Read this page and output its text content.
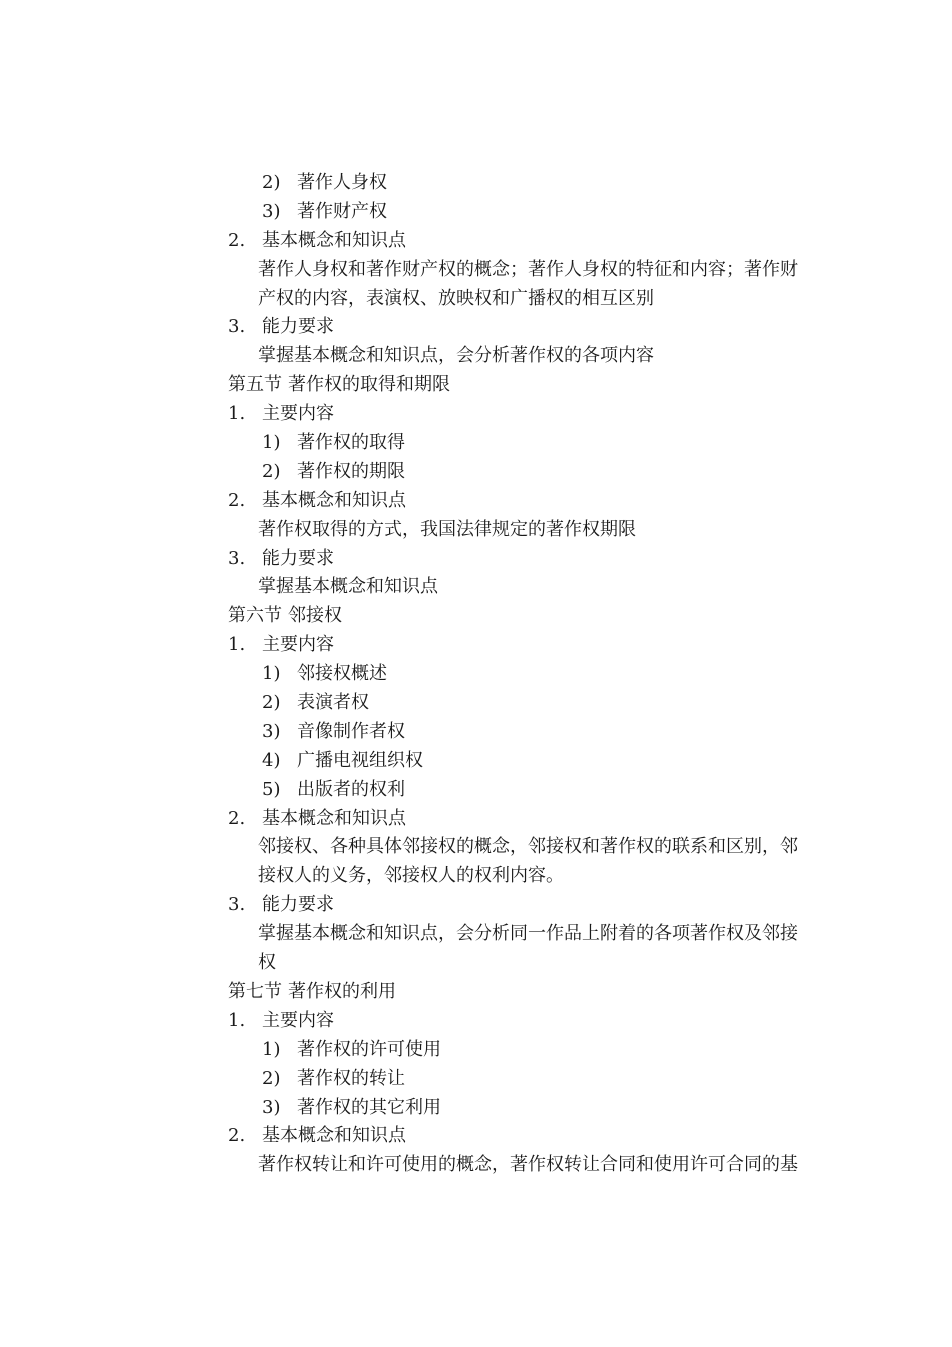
2) 著作人身权
3) 著作财产权
2. 基本概念和知识点
著作人身权和著作财产权的概念；著作人身权的特征和内容；著作财
产权的内容，表演权、放映权和广播权的相互区别
3. 能力要求
掌握基本概念和知识点，会分析著作权的各项内容
第五节 著作权的取得和期限
1. 主要内容
1) 著作权的取得
2) 著作权的期限
2. 基本概念和知识点
著作权取得的方式，我国法律规定的著作权期限
3. 能力要求
掌握基本概念和知识点
第六节 邻接权
1. 主要内容
1) 邻接权概述
2) 表演者权
3) 音像制作者权
4) 广播电视组织权
5) 出版者的权利
2. 基本概念和知识点
邻接权、各种具体邻接权的概念，邻接权和著作权的联系和区别，邻
接权人的义务，邻接权人的权利内容。
3. 能力要求
掌握基本概念和知识点，会分析同一作品上附着的各项著作权及邻接
权
第七节 著作权的利用
1. 主要内容
1) 著作权的许可使用
2) 著作权的转让
3) 著作权的其它利用
2. 基本概念和知识点
著作权转让和许可使用的概念，著作权转让合同和使用许可合同的基
